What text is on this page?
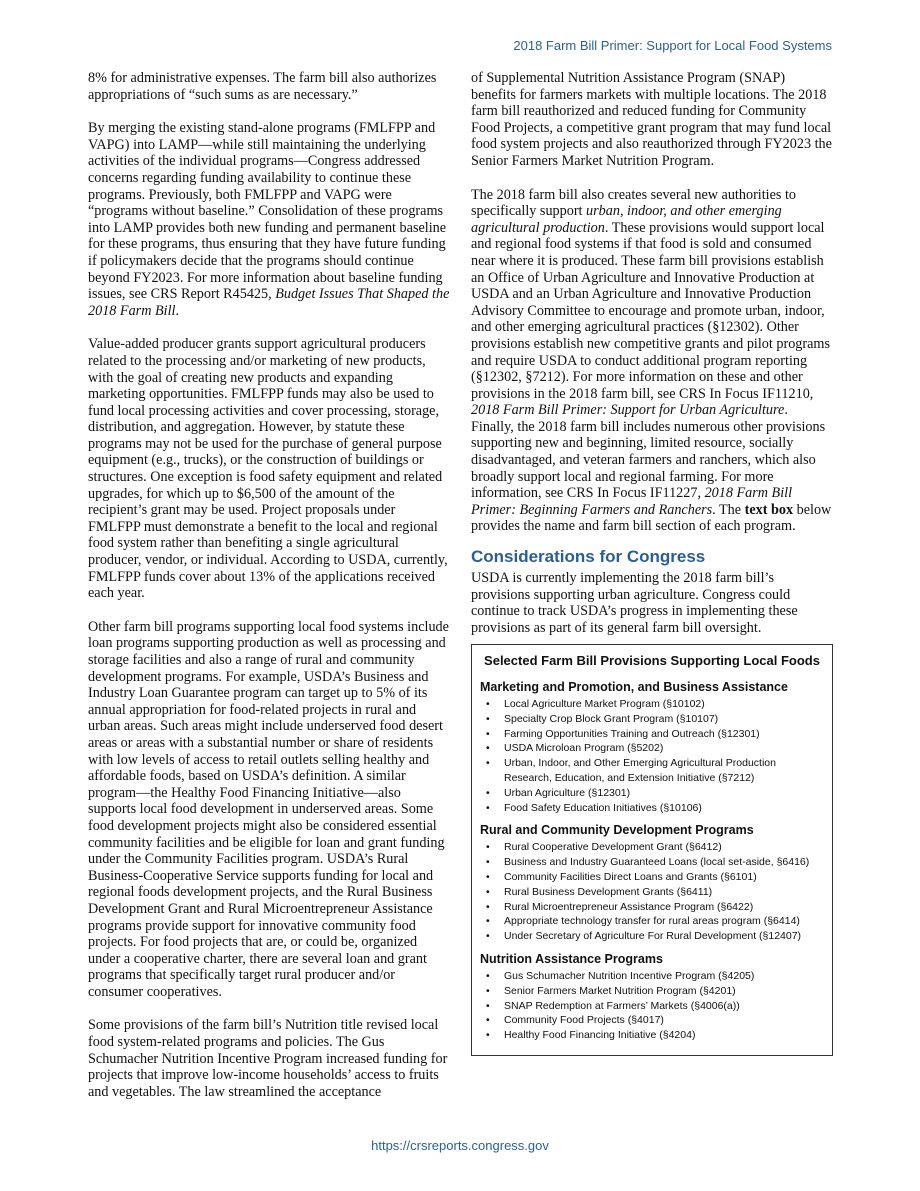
2018 Farm Bill Primer: Support for Local Food Systems

8% for administrative expenses. The farm bill also authorizes appropriations of “such sums as are necessary.”

By merging the existing stand-alone programs (FMLFPP and VAPG) into LAMP—while still maintaining the underlying activities of the individual programs—Congress addressed concerns regarding funding availability to continue these programs. Previously, both FMLFPP and VAPG were “programs without baseline.” Consolidation of these programs into LAMP provides both new funding and permanent baseline for these programs, thus ensuring that they have future funding if policymakers decide that the programs should continue beyond FY2023. For more information about baseline funding issues, see CRS Report R45425, Budget Issues That Shaped the 2018 Farm Bill.

Value-added producer grants support agricultural producers related to the processing and/or marketing of new products, with the goal of creating new products and expanding marketing opportunities. FMLFPP funds may also be used to fund local processing activities and cover processing, storage, distribution, and aggregation. However, by statute these programs may not be used for the purchase of general purpose equipment (e.g., trucks), or the construction of buildings or structures. One exception is food safety equipment and related upgrades, for which up to $6,500 of the amount of the recipient’s grant may be used. Project proposals under FMLFPP must demonstrate a benefit to the local and regional food system rather than benefiting a single agricultural producer, vendor, or individual. According to USDA, currently, FMLFPP funds cover about 13% of the applications received each year.

Other farm bill programs supporting local food systems include loan programs supporting production as well as processing and storage facilities and also a range of rural and community development programs. For example, USDA’s Business and Industry Loan Guarantee program can target up to 5% of its annual appropriation for food-related projects in rural and urban areas. Such areas might include underserved food desert areas or areas with a substantial number or share of residents with low levels of access to retail outlets selling healthy and affordable foods, based on USDA’s definition. A similar program—the Healthy Food Financing Initiative—also supports local food development in underserved areas. Some food development projects might also be considered essential community facilities and be eligible for loan and grant funding under the Community Facilities program. USDA’s Rural Business-Cooperative Service supports funding for local and regional foods development projects, and the Rural Business Development Grant and Rural Microentrepreneur Assistance programs provide support for innovative community food projects. For food projects that are, or could be, organized under a cooperative charter, there are several loan and grant programs that specifically target rural producer and/or consumer cooperatives.

Some provisions of the farm bill’s Nutrition title revised local food system-related programs and policies. The Gus Schumacher Nutrition Incentive Program increased funding for projects that improve low-income households’ access to fruits and vegetables. The law streamlined the acceptance

of Supplemental Nutrition Assistance Program (SNAP) benefits for farmers markets with multiple locations. The 2018 farm bill reauthorized and reduced funding for Community Food Projects, a competitive grant program that may fund local food system projects and also reauthorized through FY2023 the Senior Farmers Market Nutrition Program.

The 2018 farm bill also creates several new authorities to specifically support urban, indoor, and other emerging agricultural production. These provisions would support local and regional food systems if that food is sold and consumed near where it is produced. These farm bill provisions establish an Office of Urban Agriculture and Innovative Production at USDA and an Urban Agriculture and Innovative Production Advisory Committee to encourage and promote urban, indoor, and other emerging agricultural practices (§12302). Other provisions establish new competitive grants and pilot programs and require USDA to conduct additional program reporting (§12302, §7212). For more information on these and other provisions in the 2018 farm bill, see CRS In Focus IF11210, 2018 Farm Bill Primer: Support for Urban Agriculture. Finally, the 2018 farm bill includes numerous other provisions supporting new and beginning, limited resource, socially disadvantaged, and veteran farmers and ranchers, which also broadly support local and regional farming. For more information, see CRS In Focus IF11227, 2018 Farm Bill Primer: Beginning Farmers and Ranchers. The text box below provides the name and farm bill section of each program.

Considerations for Congress

USDA is currently implementing the 2018 farm bill’s provisions supporting urban agriculture. Congress could continue to track USDA’s progress in implementing these provisions as part of its general farm bill oversight.

Selected Farm Bill Provisions Supporting Local Foods
Marketing and Promotion, and Business Assistance
• Local Agriculture Market Program (§10102)
• Specialty Crop Block Grant Program (§10107)
• Farming Opportunities Training and Outreach (§12301)
• USDA Microloan Program (§5202)
• Urban, Indoor, and Other Emerging Agricultural Production Research, Education, and Extension Initiative (§7212)
• Urban Agriculture (§12301)
• Food Safety Education Initiatives (§10106)
Rural and Community Development Programs
• Rural Cooperative Development Grant (§6412)
• Business and Industry Guaranteed Loans (local set-aside, §6416)
• Community Facilities Direct Loans and Grants (§6101)
• Rural Business Development Grants (§6411)
• Rural Microentrepreneur Assistance Program (§6422)
• Appropriate technology transfer for rural areas program (§6414)
• Under Secretary of Agriculture For Rural Development (§12407)
Nutrition Assistance Programs
• Gus Schumacher Nutrition Incentive Program (§4205)
• Senior Farmers Market Nutrition Program (§4201)
• SNAP Redemption at Farmers’ Markets (§4006(a))
• Community Food Projects (§4017)
• Healthy Food Financing Initiative (§4204)
https://crsreports.congress.gov
